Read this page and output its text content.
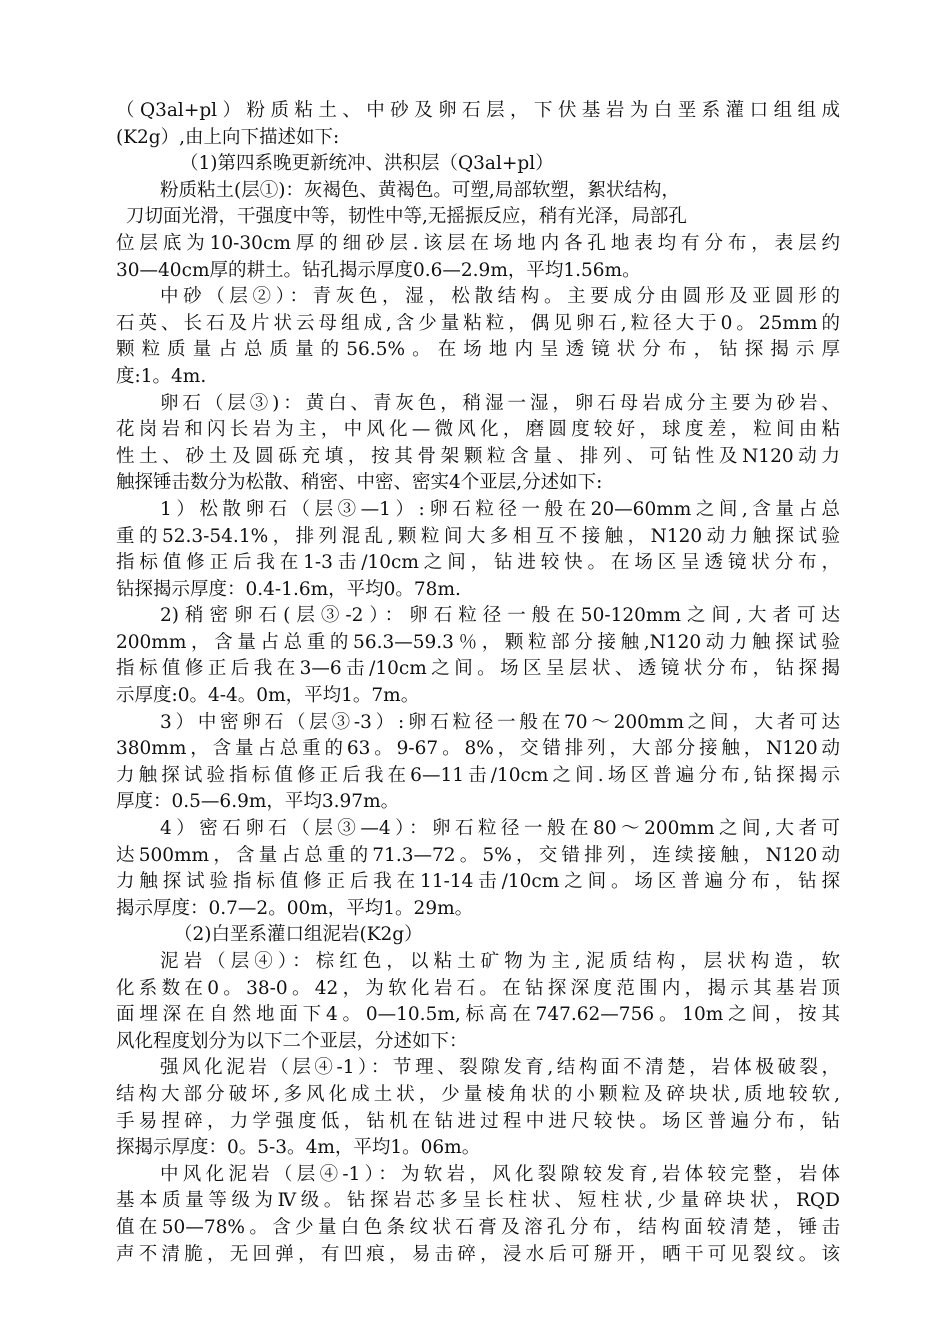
（Q3al+pl）粉质粘土、中砂及卵石层，下伏基岩为白垩系灌口组组成
(K2g）,由上向下描述如下:
（1)第四系晚更新统冲、洪积层（Q3al+pl）
粉质粘土(层①)：灰褐色、黄褐色。可塑,局部软塑，絮状结构，
刀切面光滑，干强度中等，韧性中等,无摇振反应，稍有光泽，局部孔
位层底为10-30cm厚的细砂层.该层在场地内各孔地表均有分布，表层约
30—40cm厚的耕土。钻孔揭示厚度0.6—2.9m，平均1.56m。
中砂（层②）：青灰色，湿，松散结构。主要成分由圆形及亚圆形的
石英、长石及片状云母组成,含少量粘粒，偶见卵石,粒径大于0。25mm的
颗粒质量占总质量的56.5%。在场地内呈透镜状分布，钻探揭示厚
度:1。4m.
卵石（层③)：黄白、青灰色，稍湿一湿，卵石母岩成分主要为砂岩、
花岗岩和闪长岩为主，中风化—微风化，磨圆度较好，球度差，粒间由粘
性土、砂土及圆砾充填，按其骨架颗粒含量、排列、可钻性及N120动力
触探锤击数分为松散、稍密、中密、密实4个亚层,分述如下:
1）松散卵石（层③—1）:卵石粒径一般在20—60mm之间,含量占总
重的52.3-54.1%，排列混乱,颗粒间大多相互不接触，N120动力触探试验
指标值修正后我在1-3击/10cm之间，钻进较快。在场区呈透镜状分布，
钻探揭示厚度：0.4-1.6m，平均0。78m.
2)稍密卵石(层③-2）：卵石粒径一般在50-120mm之间,大者可达
200mm，含量占总重的56.3—59.3％，颗粒部分接触,N120动力触探试验
指标值修正后我在3—6击/10cm之间。场区呈层状、透镜状分布，钻探揭
示厚度:0。4-4。0m，平均1。7m。
3）中密卵石（层③-3）:卵石粒径一般在70～200mm之间，大者可达
380mm，含量占总重的63。9-67。8%，交错排列，大部分接触，N120动
力触探试验指标值修正后我在6—11击/10cm之间.场区普遍分布,钻探揭示
厚度：0.5—6.9m，平均3.97m。
4）密石卵石（层③—4）：卵石粒径一般在80～200mm之间,大者可
达500mm，含量占总重的71.3—72。5%，交错排列，连续接触，N120动
力触探试验指标值修正后我在11-14击/10cm之间。场区普遍分布，钻探
揭示厚度：0.7—2。00m，平均1。29m。
（2)白垩系灌口组泥岩(K2g）
泥岩（层④）：棕红色，以粘土矿物为主,泥质结构，层状构造，软
化系数在0。38-0。42，为软化岩石。在钻探深度范围内，揭示其基岩顶
面埋深在自然地面下4。0—10.5m,标高在747.62—756。10m之间，按其
风化程度划分为以下二个亚层，分述如下：
强风化泥岩（层④-1）：节理、裂隙发育,结构面不清楚，岩体极破裂，
结构大部分破坏,多风化成土状，少量棱角状的小颗粒及碎块状,质地较软,
手易捏碎，力学强度低，钻机在钻进过程中进尺较快。场区普遍分布，钻
探揭示厚度：0。5-3。4m，平均1。06m。
中风化泥岩（层④-1）：为软岩，风化裂隙较发育,岩体较完整，岩体
基本质量等级为Ⅳ级。钻探岩芯多呈长柱状、短柱状,少量碎块状，RQD
值在50—78%。含少量白色条纹状石膏及溶孔分布，结构面较清楚，锤击
声不清脆，无回弹，有凹痕，易击碎，浸水后可掰开，晒干可见裂纹。该
